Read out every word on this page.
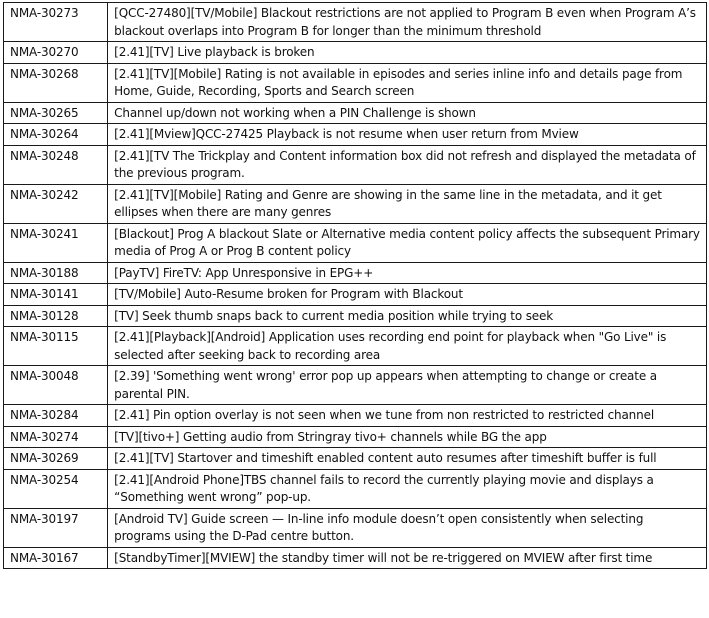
NMA-30273	[QCC-27480][TV/Mobile] Blackout restrictions are not applied to Program B even when Program A’s blackout overlaps into Program B for longer than the minimum threshold
NMA-30270	[2.41][TV] Live playback is broken
NMA-30268	[2.41][TV][Mobile] Rating is not available in episodes and series inline info and details page from Home, Guide, Recording, Sports and Search screen
NMA-30265	Channel up/down not working when a PIN Challenge is shown
NMA-30264	[2.41][Mview]QCC-27425 Playback is not resume when user return from Mview
NMA-30248	[2.41][TV The Trickplay and Content information box did not refresh and displayed the metadata of the previous program.
NMA-30242	[2.41][TV][Mobile] Rating and Genre are showing in the same line in the metadata, and it get ellipses when there are many genres
NMA-30241	[Blackout] Prog A blackout Slate or Alternative media content policy affects the subsequent Primary media of Prog A or Prog B content policy
NMA-30188	[PayTV] FireTV: App Unresponsive in EPG++
NMA-30141	[TV/Mobile] Auto-Resume broken for Program with Blackout
NMA-30128	[TV] Seek thumb snaps back to current media position while trying to seek
NMA-30115	[2.41][Playback][Android] Application uses recording end point for playback when "Go Live" is selected after seeking back to recording area
NMA-30048	[2.39] 'Something went wrong' error pop up appears when attempting to change or create a parental PIN.
NMA-30284	[2.41] Pin option overlay is not seen when we tune from non restricted to restricted channel
NMA-30274	[TV][tivo+] Getting audio from Stringray tivo+ channels while BG the app
NMA-30269	[2.41][TV] Startover and timeshift enabled content auto resumes after timeshift buffer is full
NMA-30254	[2.41][Android Phone]TBS channel fails to record the currently playing movie and displays a “Something went wrong” pop-up.
NMA-30197	[Android TV] Guide screen — In-line info module doesn’t open consistently when selecting programs using the D-Pad centre button.
NMA-30167	[StandbyTimer][MVIEW] the standby timer will not be re-triggered on MVIEW after first time
